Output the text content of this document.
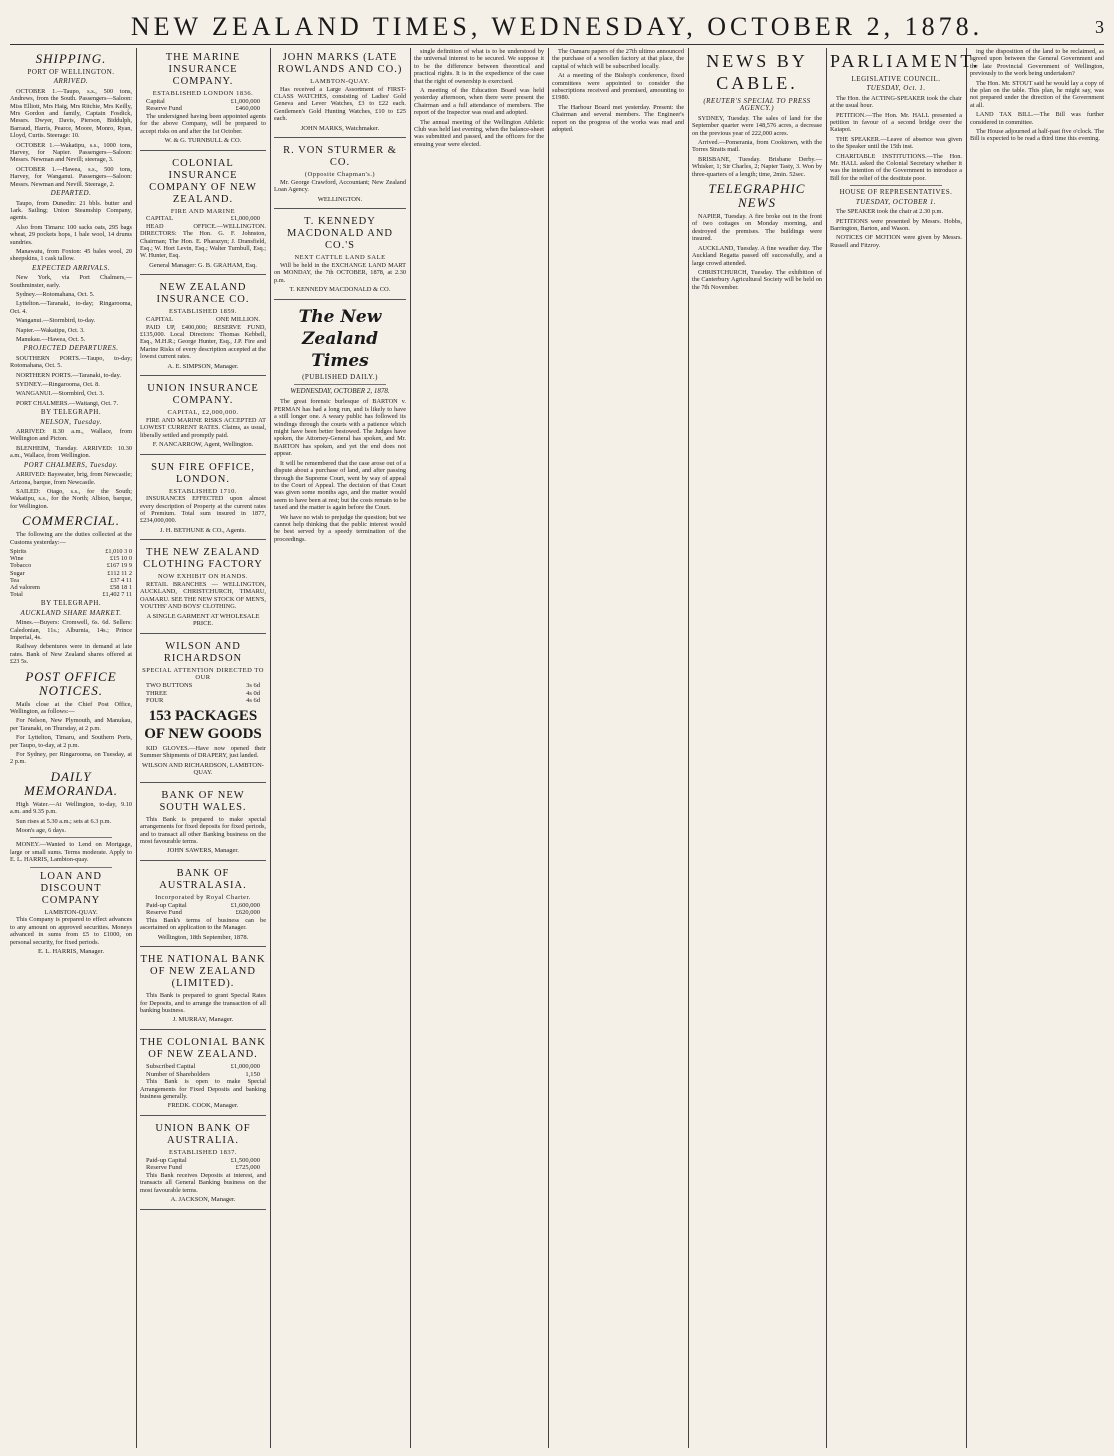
NEW ZEALAND TIMES, WEDNESDAY, OCTOBER 2, 1878.	3
SHIPPING.
PORT OF WELLINGTON.
ARRIVED.

OCTOBER 1.—Taupo, s.s., 500 tons, Andrews, from the South. Passengers—Saloon: Miss Elliott, Mrs Haig, Mrs Ritchie, Mrs Keilly, Mrs Gordon and family, Captain Fosdick, Messrs. Dwyer, Davis, Pierson, Biddulph, Barraud, Harris, Pearce, Moore, Monro, Ryan, Lloyd, Curtis. Steerage: 10.

OCTOBER 1.—Wakatipu, s.s., 1000 tons, Harvey, for Napier. Passengers—Saloon: Messrs. Newman and Nevill; steerage, 3.

OCTOBER 1.—Hawea, s.s., 500 tons, Harvey, for Wanganui. Passengers—Saloon: Messrs. Newman and Nevill. Steerage, 2.

DEPARTED.

Taupo, from Dunedin: 21 bbls. butter and 1ark. Sailing; Union Steamship Company, agents.

Also from Timaru: 100 sacks oats, 295 bags wheat, 29 pockets hops, 1 bale wool, 14 drums sundries.

Manawatu, from Foxton: 45 bales wool, 20 sheepskins, 1 cask tallow.

EXPECTED ARRIVALS.

New York, via Port Chalmers,—Southminster, early.

Sydney.—Rotomahana, Oct. 5.

Lyttelton.—Taranaki, to-day; Ringarooma, Oct. 4.

Wanganui.—Stormbird, to-day.

Napier.—Wakatipu, Oct. 3.

Manukau.—Hawea, Oct. 5.

PROJECTED DEPARTURES.

SOUTHERN PORTS.—Taupo, to-day; Rotomahana, Oct. 5.

NORTHERN PORTS.—Taranaki, to-day.

SYDNEY.—Ringarooma, Oct. 8.

WANGANUI.—Stormbird, Oct. 3.

PORT CHALMERS.—Waitangi, Oct. 7.

BY TELEGRAPH.
NELSON, Tuesday.

ARRIVED: 8.30 a.m., Wallace, from Wellington and Picton.

BLENHEIM, Tuesday. ARRIVED: 10.30 a.m., Wallace, from Wellington.

PORT CHALMERS, Tuesday.

ARRIVED: Bayswater, brig, from Newcastle; Arizona, barque, from Newcastle.

SAILED: Otago, s.s., for the South; Wakatipu, s.s., for the North; Albion, barque, for Wellington.

COMMERCIAL.

The following are the duties collected at the Customs yesterday:—

Spirits	£1,010 3 0
Wine	£15 10 0
Tobacco	£167 19 9
Sugar	£112 11 2
Tea	£37 4 11
Ad valorem	£58 18 1
Total	£1,402 7 11
BY TELEGRAPH.
AUCKLAND SHARE MARKET.

Mines.—Buyers: Cromwell, 6s. 6d. Sellers: Caledonian, 11s.; Alburnia, 14s.; Prince Imperial, 4s.

Railway debentures were in demand at late rates. Bank of New Zealand shares offered at £23 5s.

POST OFFICE NOTICES.

Mails close at the Chief Post Office, Wellington, as follows:—

For Nelson, New Plymouth, and Manukau, per Taranaki, on Thursday, at 2 p.m.

For Lyttelton, Timaru, and Southern Ports, per Taupo, to-day, at 2 p.m.

For Sydney, per Ringarooma, on Tuesday, at 2 p.m.

DAILY MEMORANDA.

High Water.—At Wellington, to-day, 9.10 a.m. and 9.35 p.m.

Sun rises at 5.30 a.m.; sets at 6.3 p.m.

Moon's age, 6 days.

MONEY.—Wanted to Lend on Mortgage, large or small sums. Terms moderate. Apply to E. L. HARRIS, Lambton-quay.

LOAN AND DISCOUNT COMPANY
LAMBTON-QUAY.

This Company is prepared to effect advances to any amount on approved securities. Moneys advanced in sums from £5 to £1000, on personal security, for fixed periods.

E. L. HARRIS, Manager.
THE MARINE INSURANCE COMPANY.
ESTABLISHED LONDON 1836.
Capital	£1,000,000
Reserve Fund	£460,000

The undersigned having been appointed agents for the above Company, will be prepared to accept risks on and after the 1st October.

W. & G. TURNBULL & CO.
COLONIAL INSURANCE COMPANY OF NEW ZEALAND.
FIRE AND MARINE
CAPITAL	£1,000,000

HEAD OFFICE.—WELLINGTON. DIRECTORS: The Hon. G. F. Johnston, Chairman; The Hon. E. Pharazyn; J. Dransfield, Esq.; W. Hort Levin, Esq.; Walter Turnbull, Esq.; W. Hunter, Esq.

General Manager: G. B. GRAHAM, Esq.
NEW ZEALAND INSURANCE CO.
ESTABLISHED 1859.
CAPITAL	ONE MILLION.

PAID UP, £400,000; RESERVE FUND, £135,000. Local Directors: Thomas Kebbell, Esq., M.H.R.; George Hunter, Esq., J.P. Fire and Marine Risks of every description accepted at the lowest current rates.

A. E. SIMPSON, Manager.
UNION INSURANCE COMPANY.
CAPITAL, £2,000,000.

FIRE AND MARINE RISKS ACCEPTED AT LOWEST CURRENT RATES. Claims, as usual, liberally settled and promptly paid.

F. NANCARROW, Agent, Wellington.
SUN FIRE OFFICE, LONDON.
ESTABLISHED 1710.

INSURANCES EFFECTED upon almost every description of Property at the current rates of Premium. Total sum insured in 1877, £234,000,000.

J. H. BETHUNE & CO., Agents.
THE NEW ZEALAND CLOTHING FACTORY
NOW EXHIBIT ON HANDS.

RETAIL BRANCHES — WELLINGTON, AUCKLAND, CHRISTCHURCH, TIMARU, OAMARU. SEE THE NEW STOCK OF MEN'S, YOUTHS' AND BOYS' CLOTHING.

A SINGLE GARMENT AT WHOLESALE PRICE.
WILSON AND RICHARDSON
SPECIAL ATTENTION DIRECTED TO OUR
TWO BUTTONS	3s 6d
THREE	4s 0d
FOUR	4s 6d
153 PACKAGES OF NEW GOODS

KID GLOVES.—Have now opened their Summer Shipments of DRAPERY, just landed.

WILSON AND RICHARDSON, LAMBTON-QUAY.
BANK OF NEW SOUTH WALES.

This Bank is prepared to make special arrangements for fixed deposits for fixed periods, and to transact all other Banking business on the most favourable terms.

JOHN SAWERS, Manager.
BANK OF AUSTRALASIA.
Incorporated by Royal Charter.
Paid-up Capital	£1,600,000
Reserve Fund	£620,000

This Bank's terms of business can be ascertained on application to the Manager.

Wellington, 18th September, 1878.
THE NATIONAL BANK OF NEW ZEALAND (LIMITED).

This Bank is prepared to grant Special Rates for Deposits, and to arrange the transaction of all banking business.

J. MURRAY, Manager.
THE COLONIAL BANK OF NEW ZEALAND.
Subscribed Capital	£1,000,000
Number of Shareholders	1,150

This Bank is open to make Special Arrangements for Fixed Deposits and banking business generally.

FREDK. COOK, Manager.
UNION BANK OF AUSTRALIA.
ESTABLISHED 1837.
Paid-up Capital	£1,500,000
Reserve Fund	£725,000

This Bank receives Deposits at interest, and transacts all General Banking business on the most favourable terms.

A. JACKSON, Manager.
JOHN MARKS (LATE ROWLANDS AND CO.)
LAMBTON-QUAY.

Has received a Large Assortment of FIRST-CLASS WATCHES, consisting of Ladies' Gold Geneva and Lever Watches, £3 to £22 each. Gentlemen's Gold Hunting Watches, £10 to £25 each.

JOHN MARKS, Watchmaker.
R. VON STURMER & CO.
(Opposite Chapman's.)

Mr. George Crawford, Accountant; New Zealand Loan Agency.

WELLINGTON.
T. KENNEDY MACDONALD AND CO.'S
NEXT CATTLE LAND SALE

Will be held in the EXCHANGE LAND MART on MONDAY, the 7th OCTOBER, 1878, at 2.30 p.m.

T. KENNEDY MACDONALD & CO.
The New Zealand Times
(PUBLISHED DAILY.)
WEDNESDAY, OCTOBER 2, 1878.

The great forensic burlesque of BARTON v. PERMAN has had a long run, and is likely to have a still longer one. A weary public has followed its windings through the courts with a patience which might have been better bestowed. The Judges have spoken, the Attorney-General has spoken, and Mr. BARTON has spoken, and yet the end does not appear.

It will be remembered that the case arose out of a dispute about a purchase of land, and after passing through the Supreme Court, went by way of appeal to the Court of Appeal. The decision of that Court was given some months ago, and the matter would seem to have been at rest; but the costs remain to be taxed and the matter is again before the Court.

We have no wish to prejudge the question; but we cannot help thinking that the public interest would be best served by a speedy termination of the proceedings.

single definition of what is to be understood by the universal interest to be secured. We suppose it to be the difference between theoretical and practical rights. It is in the expedience of the case that the right of ownership is exercised.

A meeting of the Education Board was held yesterday afternoon, when there were present the Chairman and a full attendance of members. The report of the Inspector was read and adopted.

The annual meeting of the Wellington Athletic Club was held last evening, when the balance-sheet was submitted and passed, and the officers for the ensuing year were elected.

The Oamaru papers of the 27th ultimo announced the purchase of a woollen factory at that place, the capital of which will be subscribed locally.

At a meeting of the Bishop's conference, fixed committees were appointed to consider the subscriptions received and promised, amounting to £1980.

The Harbour Board met yesterday. Present: the Chairman and several members. The Engineer's report on the progress of the works was read and adopted.

NEWS BY CABLE.
(REUTER'S SPECIAL TO PRESS AGENCY.)

SYDNEY, Tuesday. The sales of land for the September quarter were 148,576 acres, a decrease on the previous year of 222,000 acres.

Arrived.—Pomerania, from Cooktown, with the Torres Straits mail.

BRISBANE, Tuesday. Brisbane Derby.—Whisker, 1; Sir Charles, 2; Napier Tasty, 3. Won by three-quarters of a length; time, 2min. 52sec.

TELEGRAPHIC NEWS

NAPIER, Tuesday. A fire broke out in the front of two cottages on Monday morning, and destroyed the premises. The buildings were insured.

AUCKLAND, Tuesday. A fine weather day. The Auckland Regatta passed off successfully, and a large crowd attended.

CHRISTCHURCH, Tuesday. The exhibition of the Canterbury Agricultural Society will be held on the 7th November.

PARLIAMENT.
LEGISLATIVE COUNCIL.
TUESDAY, Oct. 1.

The Hon. the ACTING-SPEAKER took the chair at the usual hour.

PETITION.—The Hon. Mr. HALL presented a petition in favour of a second bridge over the Kaiapoi.

THE SPEAKER.—Leave of absence was given to the Speaker until the 15th inst.

CHARITABLE INSTITUTIONS.—The Hon. Mr. HALL asked the Colonial Secretary whether it was the intention of the Government to introduce a Bill for the relief of the destitute poor.

HOUSE OF REPRESENTATIVES.
TUESDAY, OCTOBER 1.

The SPEAKER took the chair at 2.30 p.m.

PETITIONS were presented by Messrs. Hobbs, Barrington, Barton, and Wason.

NOTICES OF MOTION were given by Messrs. Russell and Fitzroy.

ing the disposition of the land to be reclaimed, as agreed upon between the General Government and the late Provincial Government of Wellington, previously to the work being undertaken?

The Hon. Mr. STOUT said he would lay a copy of the plan on the table. This plan, he might say, was not prepared under the direction of the Government at all.

LAND TAX BILL.—The Bill was further considered in committee.

The House adjourned at half-past five o'clock. The Bill is expected to be read a third time this evening.
